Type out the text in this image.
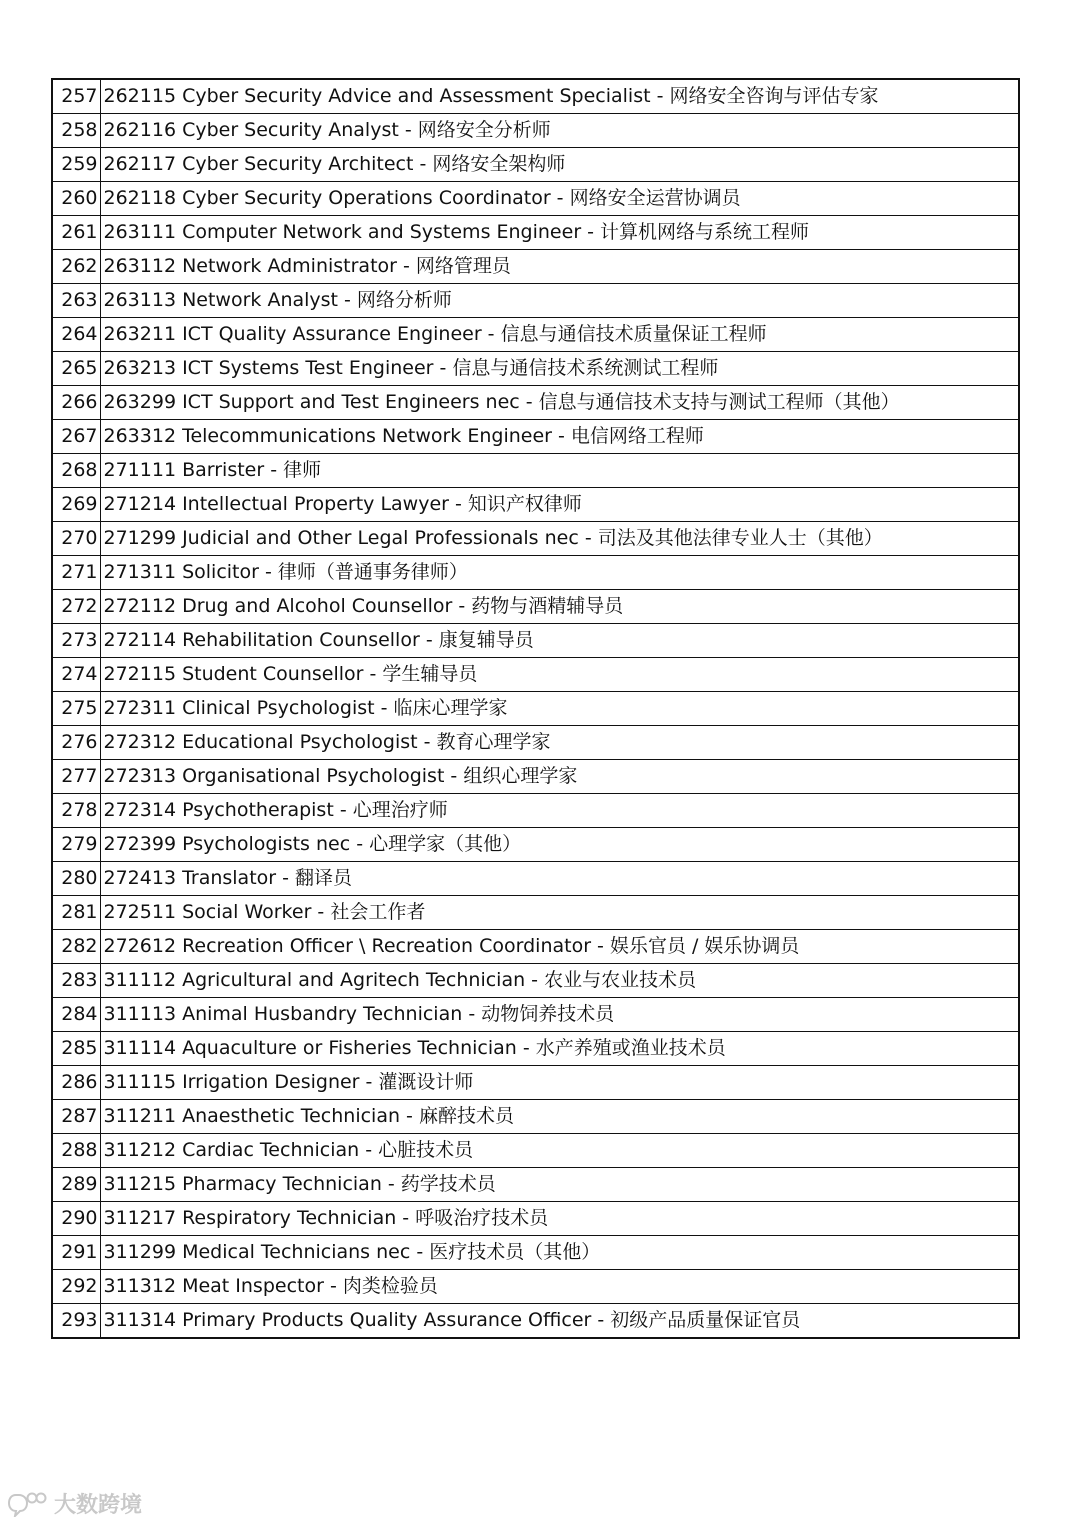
257	262115 Cyber Security Advice and Assessment Specialist - 网络安全咨询与评估专家
258	262116 Cyber Security Analyst - 网络安全分析师
259	262117 Cyber Security Architect - 网络安全架构师
260	262118 Cyber Security Operations Coordinator - 网络安全运营协调员
261	263111 Computer Network and Systems Engineer - 计算机网络与系统工程师
262	263112 Network Administrator - 网络管理员
263	263113 Network Analyst - 网络分析师
264	263211 ICT Quality Assurance Engineer - 信息与通信技术质量保证工程师
265	263213 ICT Systems Test Engineer - 信息与通信技术系统测试工程师
266	263299 ICT Support and Test Engineers nec - 信息与通信技术支持与测试工程师（其他）
267	263312 Telecommunications Network Engineer - 电信网络工程师
268	271111 Barrister - 律师
269	271214 Intellectual Property Lawyer - 知识产权律师
270	271299 Judicial and Other Legal Professionals nec - 司法及其他法律专业人士（其他）
271	271311 Solicitor - 律师（普通事务律师）
272	272112 Drug and Alcohol Counsellor - 药物与酒精辅导员
273	272114 Rehabilitation Counsellor - 康复辅导员
274	272115 Student Counsellor - 学生辅导员
275	272311 Clinical Psychologist - 临床心理学家
276	272312 Educational Psychologist - 教育心理学家
277	272313 Organisational Psychologist - 组织心理学家
278	272314 Psychotherapist - 心理治疗师
279	272399 Psychologists nec - 心理学家（其他）
280	272413 Translator - 翻译员
281	272511 Social Worker - 社会工作者
282	272612 Recreation Officer \ Recreation Coordinator - 娱乐官员 / 娱乐协调员
283	311112 Agricultural and Agritech Technician - 农业与农业技术员
284	311113 Animal Husbandry Technician - 动物饲养技术员
285	311114 Aquaculture or Fisheries Technician - 水产养殖或渔业技术员
286	311115 Irrigation Designer - 灌溉设计师
287	311211 Anaesthetic Technician - 麻醉技术员
288	311212 Cardiac Technician - 心脏技术员
289	311215 Pharmacy Technician - 药学技术员
290	311217 Respiratory Technician - 呼吸治疗技术员
291	311299 Medical Technicians nec - 医疗技术员（其他）
292	311312 Meat Inspector - 肉类检验员
293	311314 Primary Products Quality Assurance Officer - 初级产品质量保证官员
大数跨境
